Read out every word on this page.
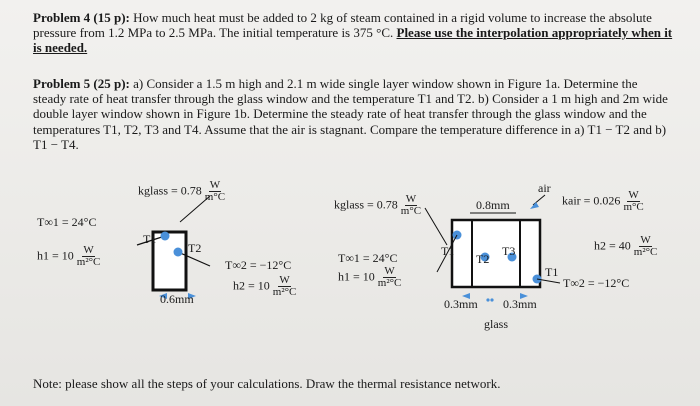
Problem 4 (15 p): How much heat must be added to 2 kg of steam contained in a rigid volume to increase the absolute pressure from 1.2 MPa to 2.5 MPa. The initial temperature is 375 °C. Please use the interpolation appropriately when it is needed.

Problem 5 (25 p): a) Consider a 1.5 m high and 2.1 m wide single layer window shown in Figure 1a. Determine the steady rate of heat transfer through the glass window and the temperature T1 and T2. b) Consider a 1 m high and 2m wide double layer window shown in Figure 1b. Determine the steady rate of heat transfer through the glass window and the temperatures T1, T2, T3 and T4. Assume that the air is stagnant. Compare the temperature difference in a) T1 − T2 and b) T1 − T4.

kglass = $0.78 \frac{W}{m^\circ C}$
T∞1 = 24°C
$h1 = 10 \frac{W}{\text{m²°C}}$
T1
T2
T∞2 = −12°C
$h2 = 10 \frac{W}{\text{m²°C}}$
0.6mm
kglass = $0.78 \frac{W}{m^\circ C}$	0.8mm
air
kair = $0.026 \frac{W}{m^\circ C}$
T∞1 = 24°C
$h1 = 10 \frac{W}{\text{m²°C}}$
T1
T2
T3
T1
$h2 = 40 \frac{W}{\text{m²°C}}$
T∞2 = −12°C
0.3mm 0.3mm
glass
Note: please show all the steps of your calculations. Draw the thermal resistance network.
